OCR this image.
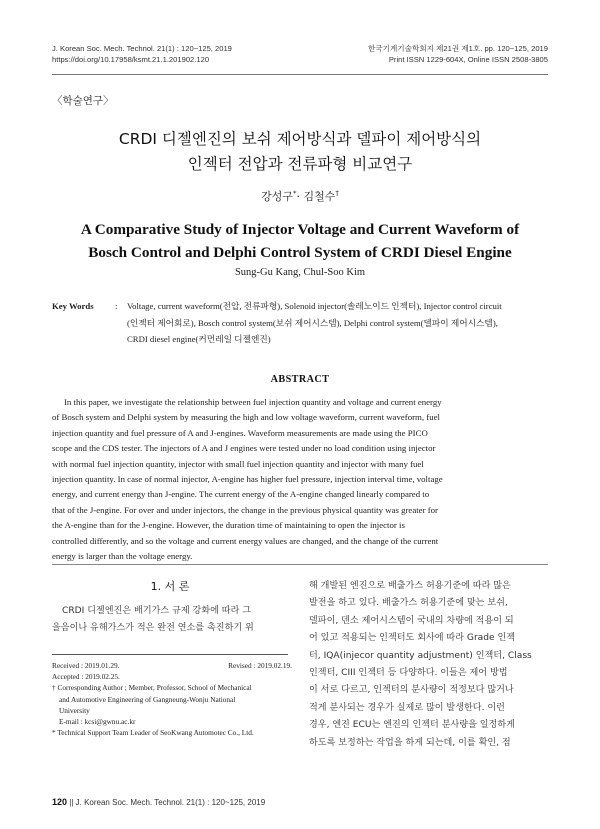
J. Korean Soc. Mech. Technol. 21(1) : 120~125, 2019	한국기계기술학회지 제21권 제1호. pp. 120~125, 2019
https://doi.org/10.17958/ksmt.21.1.201902.120	Print ISSN 1229-604X, Online ISSN 2508-3805
〈학술연구〉
CRDI 디젤엔진의 보쉬 제어방식과 델파이 제어방식의
인젝터 전압과 전류파형 비교연구
강성구*· 김철수†
A Comparative Study of Injector Voltage and Current Waveform of
Bosch Control and Delphi Control System of CRDI Diesel Engine
Sung-Gu Kang, Chul-Soo Kim
Key Words : Voltage, current waveform(전압, 전류파형), Solenoid injector(솔레노이드 인젝터), Injector control circuit
(인젝터 제어회로), Bosch control system(보쉬 제어시스템), Delphi control system(델파이 제어시스템),
CRDI diesel engine(커먼레일 디젤엔진)
ABSTRACT
In this paper, we investigate the relationship between fuel injection quantity and voltage and current energy
of Bosch system and Delphi system by measuring the high and low voltage waveform, current waveform, fuel
injection quantity and fuel pressure of A and J-engines. Waveform measurements are made using the PICO
scope and the CDS tester. The injectors of A and J engines were tested under no load condition using injector
with normal fuel injection quantity, injector with small fuel injection quantity and injector with many fuel
injection quantity. In case of normal injector, A-engine has higher fuel pressure, injection interval time, voltage
energy, and current energy than J-engine. The current energy of the A-engine changed linearly compared to
that of the J-engine. For over and under injectors, the change in the previous physical quantity was greater for
the A-engine than for the J-engine. However, the duration time of maintaining to open the injector is
controlled differently, and so the voltage and current energy values are changed, and the change of the current
energy is larger than the voltage energy.
1. 서 론
CRDI 디젤엔진은 배기가스 규제 강화에 따라 그
을음이나 유해가스가 적은 완전 연소를 촉진하기 위
Received : 2019.01.29.	Revised : 2019.02.19.
Accepted : 2019.02.25.
† Corresponding Author ; Member, Professor, School of Mechanical
and Automotive Engineering of Gangneung-Wonju National
University
E-mail : kcsi@gwnu.ac.kr
* Technical Support Team Leader of SeoKwang Automotec Co., Ltd.
해 개발된 엔진으로 배출가스 허용기준에 따라 많은
발전을 하고 있다. 배출가스 허용기준에 맞는 보쉬,
델파이, 덴소 제어시스템이 국내의 차량에 적용이 되
어 있고 적용되는 인젝터도 회사에 따라 Grade 인젝
터, IQA(injecor quantity adjustment) 인젝터, Class
인젝터, CIII 인젝터 등 다양하다. 이들은 제어 방법
이 서로 다르고, 인젝터의 분사량이 적정보다 많거나
적게 분사되는 경우가 실제로 많이 발생한다. 이런
경우, 엔진 ECU는 엔진의 인젝터 분사량을 일정하게
하도록 보정하는 작업을 하게 되는데, 이를 확인, 점
120 || J. Korean Soc. Mech. Technol. 21(1) : 120~125, 2019
